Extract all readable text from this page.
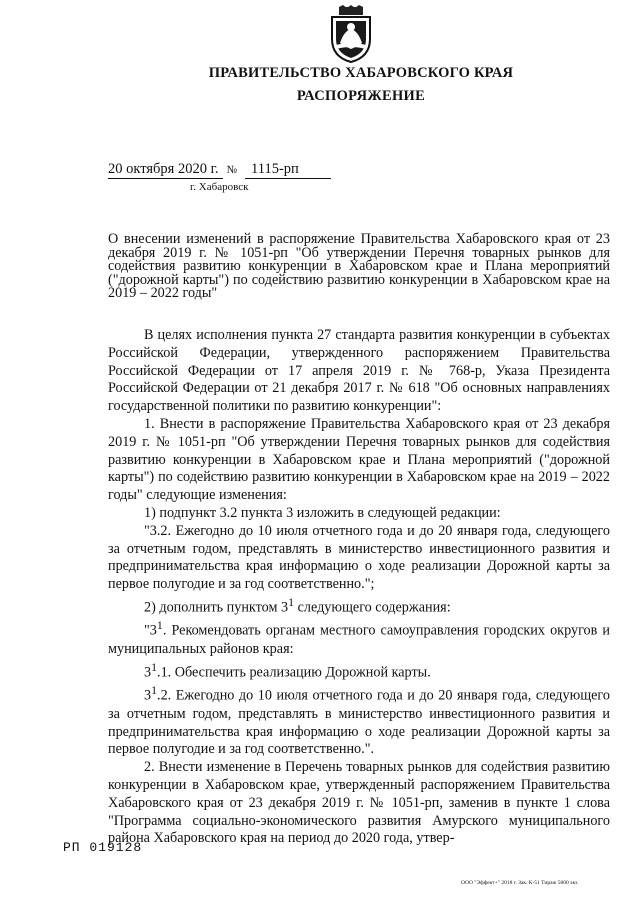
ПРАВИТЕЛЬСТВО ХАБАРОВСКОГО КРАЯ
РАСПОРЯЖЕНИЕ
20 октября 2020 г. № 1115-рп
г. Хабаровск
О внесении изменений в распоряжение Правительства Хабаровского края от 23 декабря 2019 г. № 1051-рп "Об утверждении Перечня товарных рынков для содействия развитию конкуренции в Хабаровском крае и Плана мероприятий ("дорожной карты") по содействию развитию конкуренции в Хабаровском крае на 2019 – 2022 годы"

В целях исполнения пункта 27 стандарта развития конкуренции в субъектах Российской Федерации, утвержденного распоряжением Правительства Российской Федерации от 17 апреля 2019 г. № 768-р, Указа Президента Российской Федерации от 21 декабря 2017 г. № 618 "Об основных направлениях государственной политики по развитию конкуренции":

1. Внести в распоряжение Правительства Хабаровского края от 23 декабря 2019 г. № 1051-рп "Об утверждении Перечня товарных рынков для содействия развитию конкуренции в Хабаровском крае и Плана мероприятий ("дорожной карты") по содействию развитию конкуренции в Хабаровском крае на 2019 – 2022 годы" следующие изменения:

1) подпункт 3.2 пункта 3 изложить в следующей редакции:

"3.2. Ежегодно до 10 июля отчетного года и до 20 января года, следующего за отчетным годом, представлять в министерство инвестиционного развития и предпринимательства края информацию о ходе реализации Дорожной карты за первое полугодие и за год соответственно.";

2) дополнить пунктом $3^1$ следующего содержания:

"$3^1$. Рекомендовать органам местного самоуправления городских округов и муниципальных районов края:

$3^1.1$. Обеспечить реализацию Дорожной карты.

$3^1.2$. Ежегодно до 10 июля отчетного года и до 20 января года, следующего за отчетным годом, представлять в министерство инвестиционного развития и предпринимательства края информацию о ходе реализации Дорожной карты за первое полугодие и за год соответственно.".

2. Внести изменение в Перечень товарных рынков для содействия развитию конкуренции в Хабаровском крае, утвержденный распоряжением Правительства Хабаровского края от 23 декабря 2019 г. № 1051-рп, заменив в пункте 1 слова "Программа социально-экономического развития Амурского муниципального района Хабаровского края на период до 2020 года, утвер-

РП 019128
ООО "Эффект+" 2018 г. Зак. К-51 Тираж 5000 экз.
